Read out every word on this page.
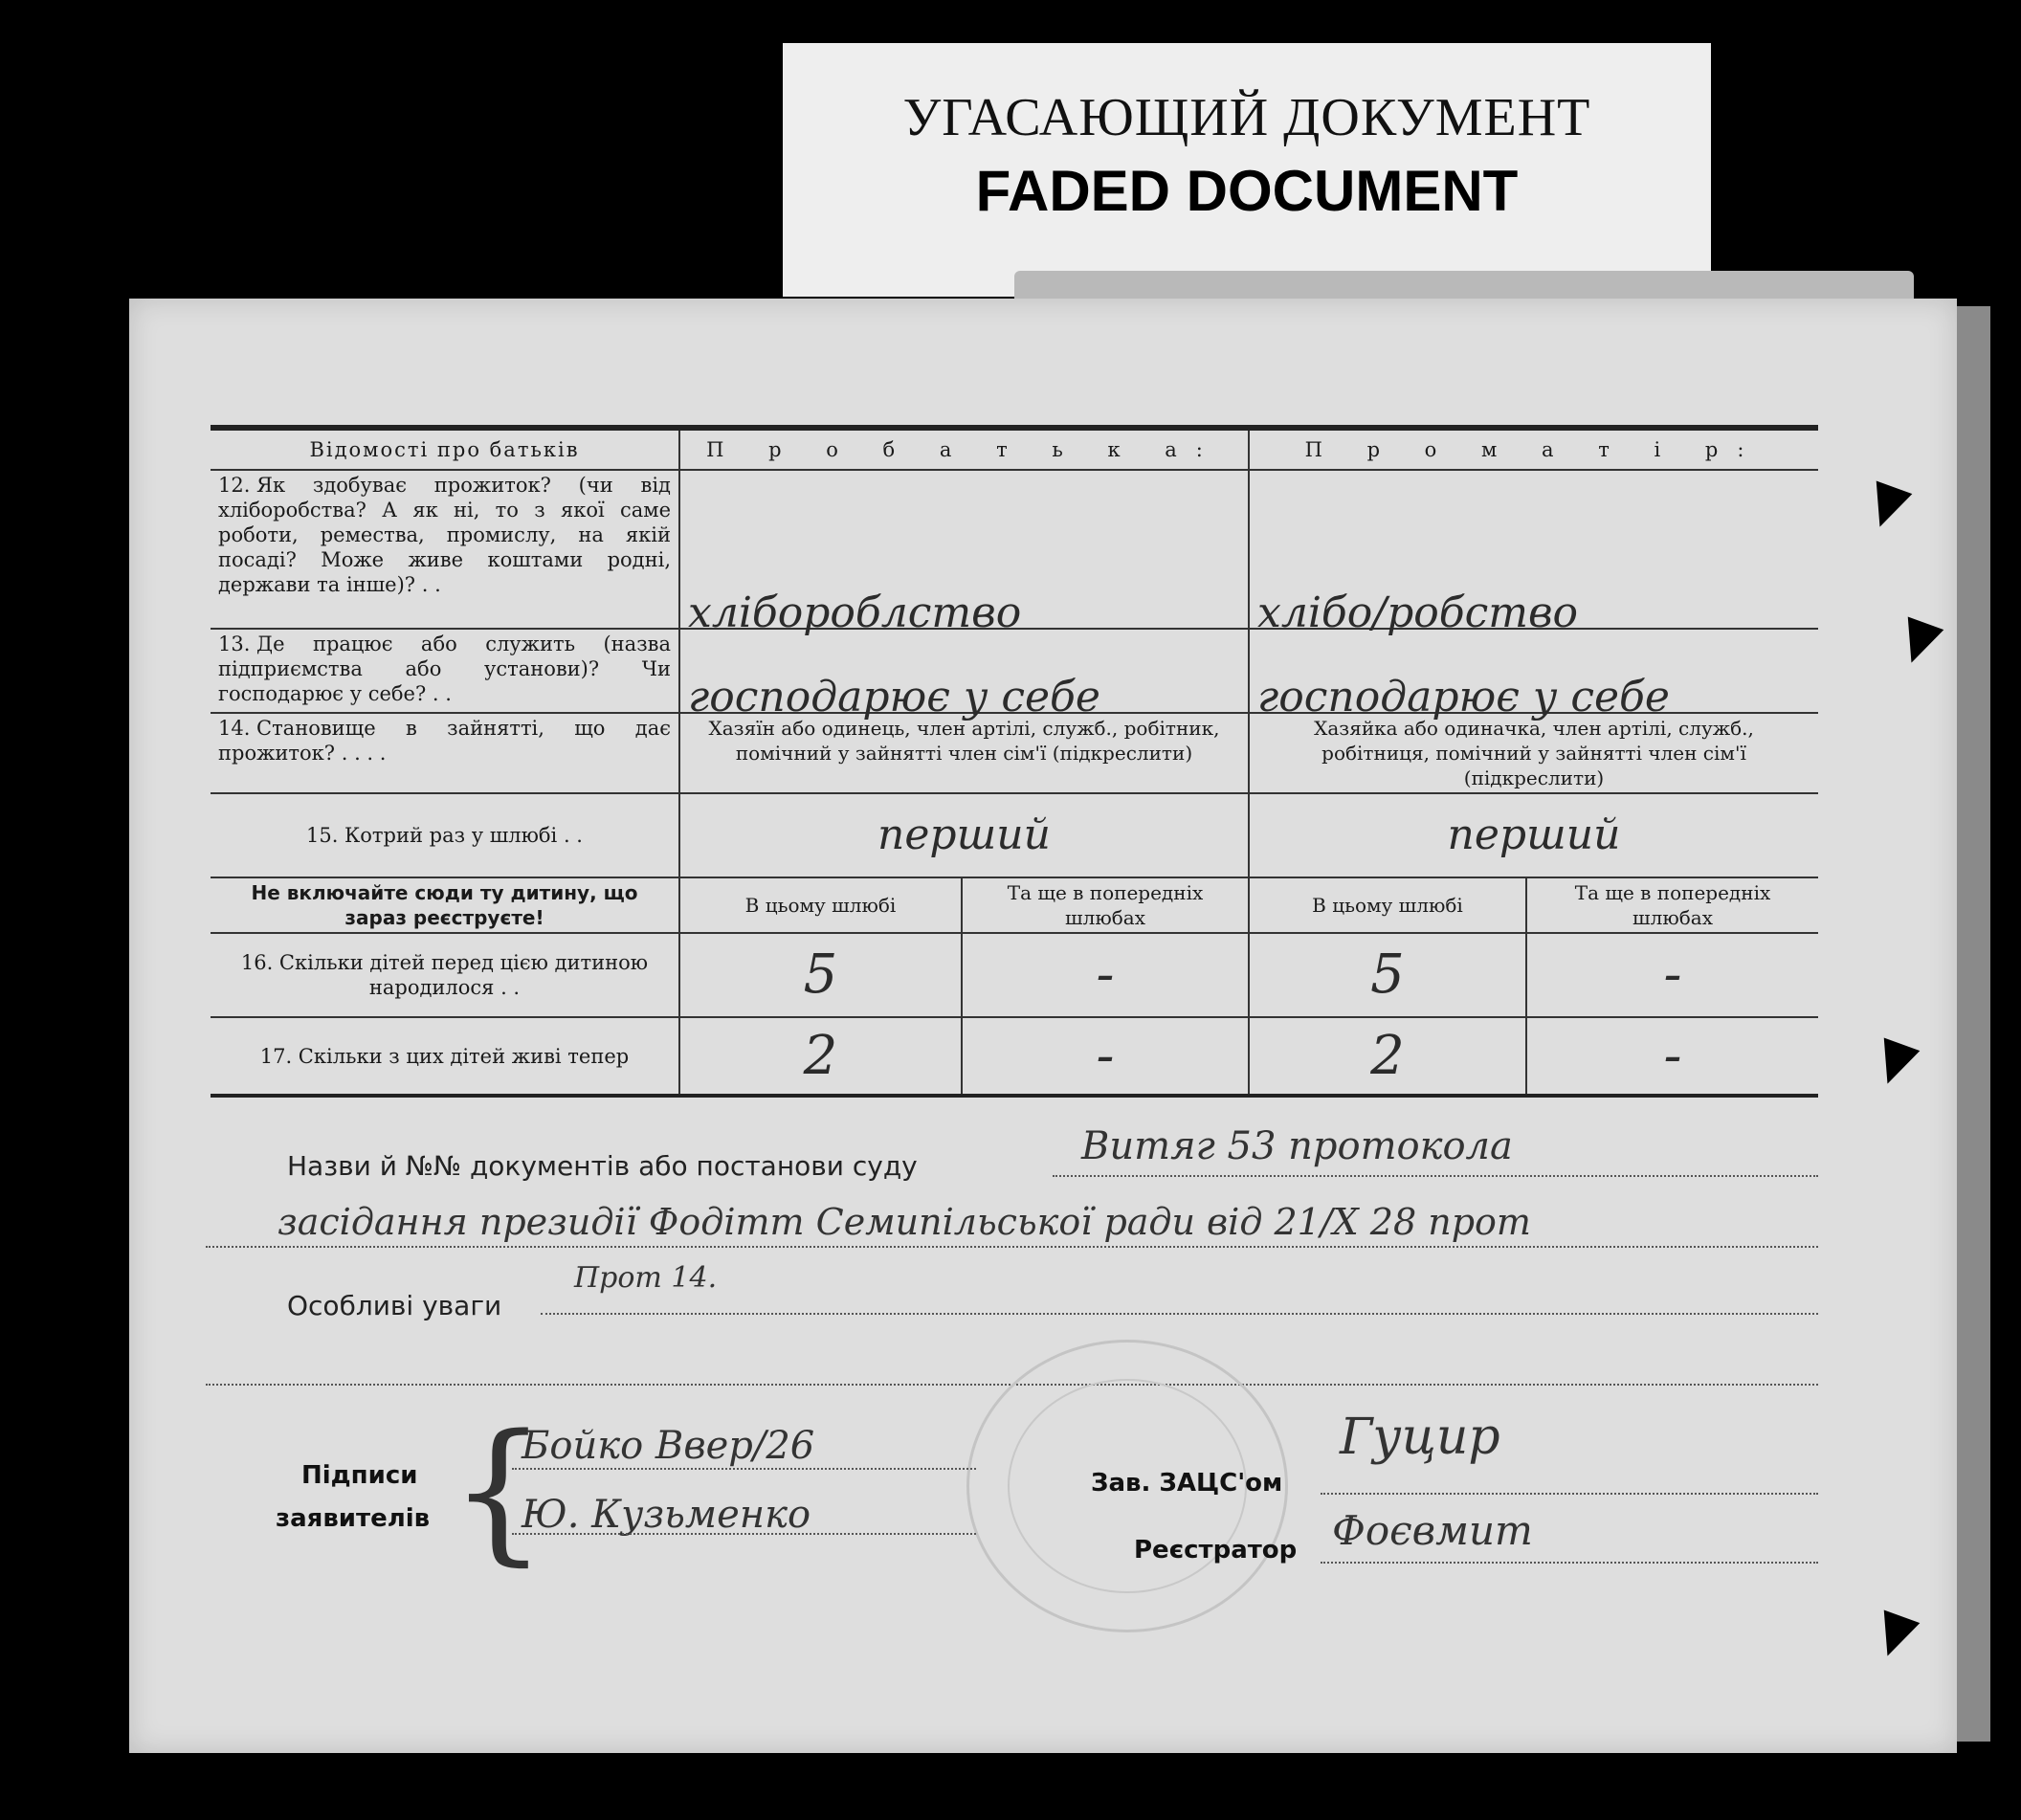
УГАСАЮЩИЙ ДОКУМЕНТ
FADED DOCUMENT
Відомості про батьків	П р о б а т ь к а:		П р о м а т і р:	
12. Як здобуває прожиток? (чи від хліборобства? А як ні, то з якої саме роботи, ремества, промислу, на якій посаді? Може живе коштами родні, держави та інше)? . .	хлібороблство		хлібо/робство	
13. Де працює або служить (назва підприємства або установи)? Чи господарює у себе? . .	господарює у себе		господарює у себе	
14. Становище в зайнятті, що дає прожиток? . . . .	Хазяїн або одинець, член артілі, служб., робітник, помічний у зайнятті член сім'ї (підкреслити)		Хазяйка або одиначка, член артілі, служб., робітниця, помічний у зайнятті член сім'ї (підкреслити)	
15. Котрий раз у шлюбі . .	перший		перший	
Не включайте сюди ту дитину, що зараз реєструєте!	В цьому шлюбі	Та ще в попередніх шлюбах	В цьому шлюбі	Та ще в попередніх шлюбах
16. Скільки дітей перед цією дитиною народилося . .	5	-	5	-
17. Скільки з цих дітей живі тепер	2	-	2	-
Назви й №№ документів або постанови суду	Витяг 53 протокола
засідання президії Фодітт Семипільської ради від 21/X 28 прот
Особливі уваги
Прот 14.
Підписи
заявителів {
Бойко Ввер/26
Ю. Кузьменко
Зав. ЗАЦС'ом
Гуцир
Реєстратор Фоєвмит
